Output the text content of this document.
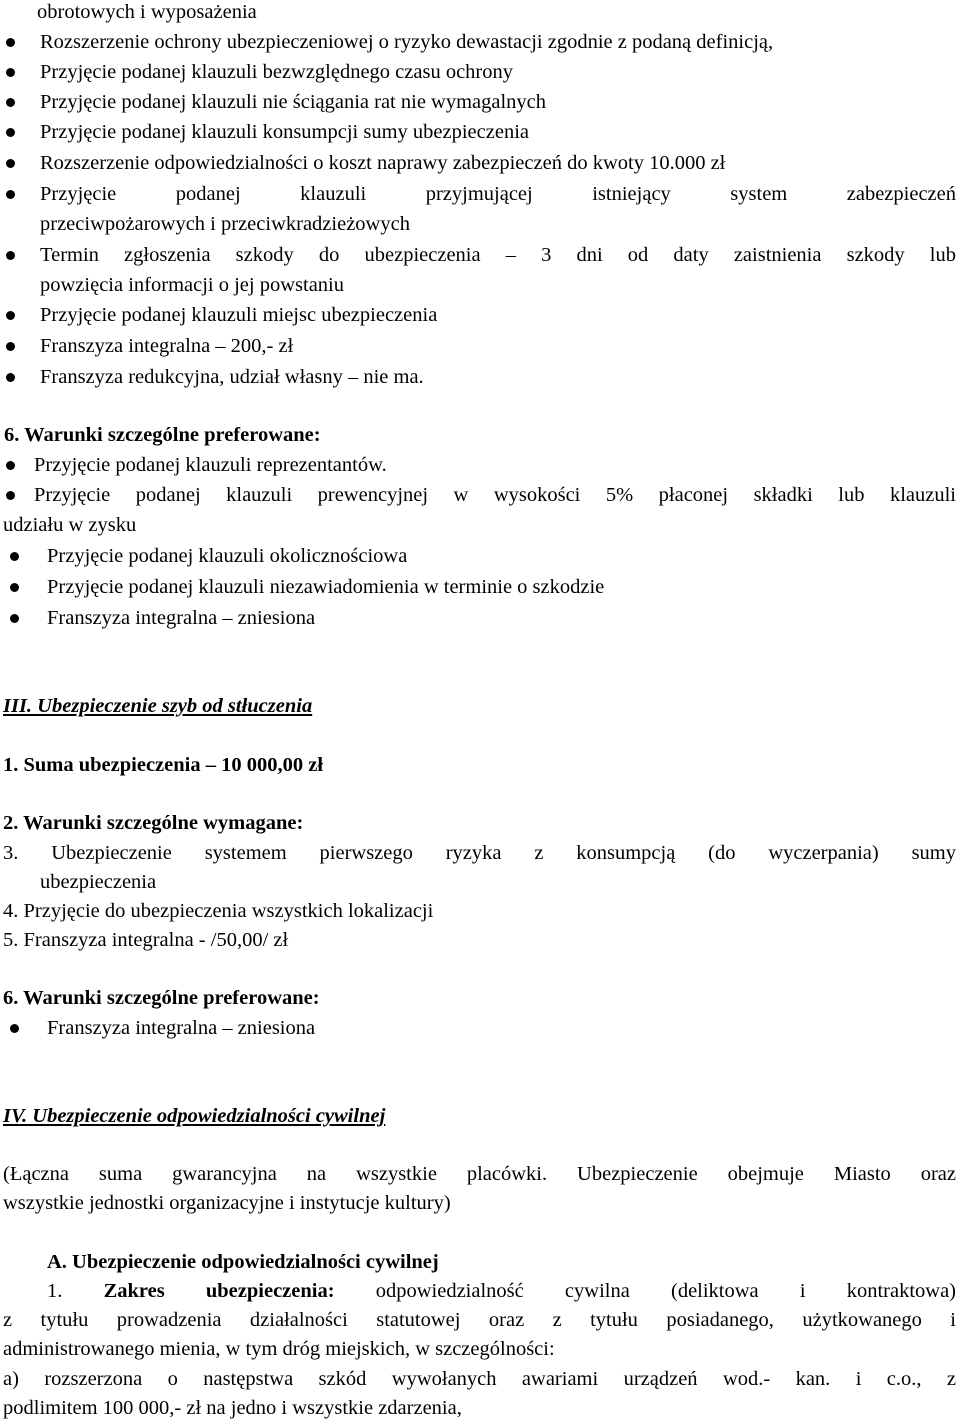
obrotowych i wyposażenia
Rozszerzenie ochrony ubezpieczeniowej o ryzyko dewastacji zgodnie z podaną definicją,
Przyjęcie podanej klauzuli bezwzględnego czasu ochrony
Przyjęcie podanej klauzuli nie ściągania rat nie wymagalnych
Przyjęcie podanej klauzuli konsumpcji sumy ubezpieczenia
Rozszerzenie odpowiedzialności o koszt naprawy zabezpieczeń do kwoty 10.000 zł
Przyjęcie podanej klauzuli przyjmującej istniejący system zabezpieczeń
przeciwpożarowych i przeciwkradzieżowych
Termin zgłoszenia szkody do ubezpieczenia – 3 dni od daty zaistnienia szkody lub
powzięcia informacji o jej powstaniu
Przyjęcie podanej klauzuli miejsc ubezpieczenia
Franszyza integralna – 200,- zł
Franszyza redukcyjna, udział własny – nie ma.
6. Warunki szczególne preferowane:
Przyjęcie podanej klauzuli reprezentantów.
Przyjęcie podanej klauzuli prewencyjnej w wysokości 5% płaconej składki lub klauzuli
udziału w zysku
Przyjęcie podanej klauzuli okolicznościowa
Przyjęcie podanej klauzuli niezawiadomienia w terminie o szkodzie
Franszyza integralna – zniesiona
III. Ubezpieczenie szyb od stłuczenia
1. Suma ubezpieczenia – 10 000,00 zł
2. Warunki szczególne wymagane:
3. Ubezpieczenie systemem pierwszego ryzyka z konsumpcją (do wyczerpania) sumy
ubezpieczenia
4. Przyjęcie do ubezpieczenia wszystkich lokalizacji
5. Franszyza integralna - /50,00/ zł
6. Warunki szczególne preferowane:
Franszyza integralna – zniesiona
IV. Ubezpieczenie odpowiedzialności cywilnej
(Łączna suma gwarancyjna na wszystkie placówki. Ubezpieczenie obejmuje Miasto oraz
wszystkie jednostki organizacyjne i instytucje kultury)
A. Ubezpieczenie odpowiedzialności cywilnej
1. Zakres ubezpieczenia: odpowiedzialność cywilna (deliktowa i kontraktowa)
z tytułu prowadzenia działalności statutowej oraz z tytułu posiadanego, użytkowanego i
administrowanego mienia, w tym dróg miejskich, w szczególności:
a) rozszerzona o następstwa szkód wywołanych awariami urządzeń wod.- kan. i c.o., z
podlimitem 100 000,- zł na jedno i wszystkie zdarzenia,
